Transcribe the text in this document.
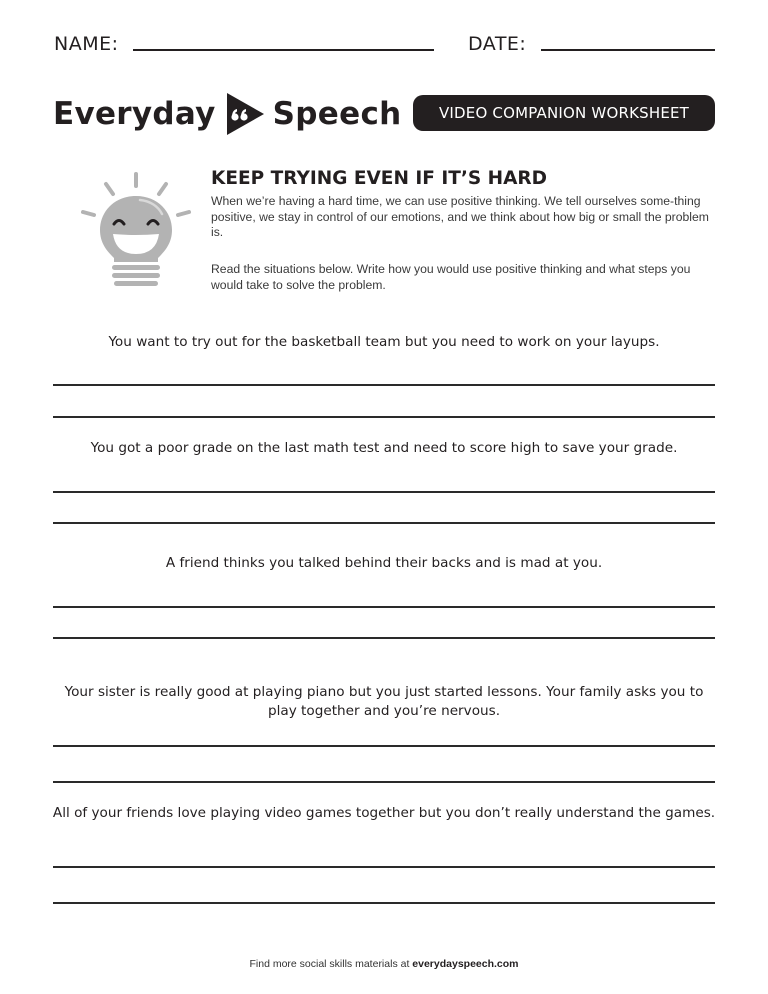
NAME:	DATE:
Everyday Speech VIDEO COMPANION WORKSHEET
KEEP TRYING EVEN IF IT’S HARD
When we’re having a hard time, we can use positive thinking. We tell ourselves some-thing positive, we stay in control of our emotions, and we think about how big or small the problem is.
Read the situations below. Write how you would use positive thinking and what steps you would take to solve the problem.
You want to try out for the basketball team but you need to work on your layups.
You got a poor grade on the last math test and need to score high to save your grade.
A friend thinks you talked behind their backs and is mad at you.
Your sister is really good at playing piano but you just started lessons. Your family asks you to play together and you’re nervous.
All of your friends love playing video games together but you don’t really understand the games.
Find more social skills materials at everydayspeech.com
